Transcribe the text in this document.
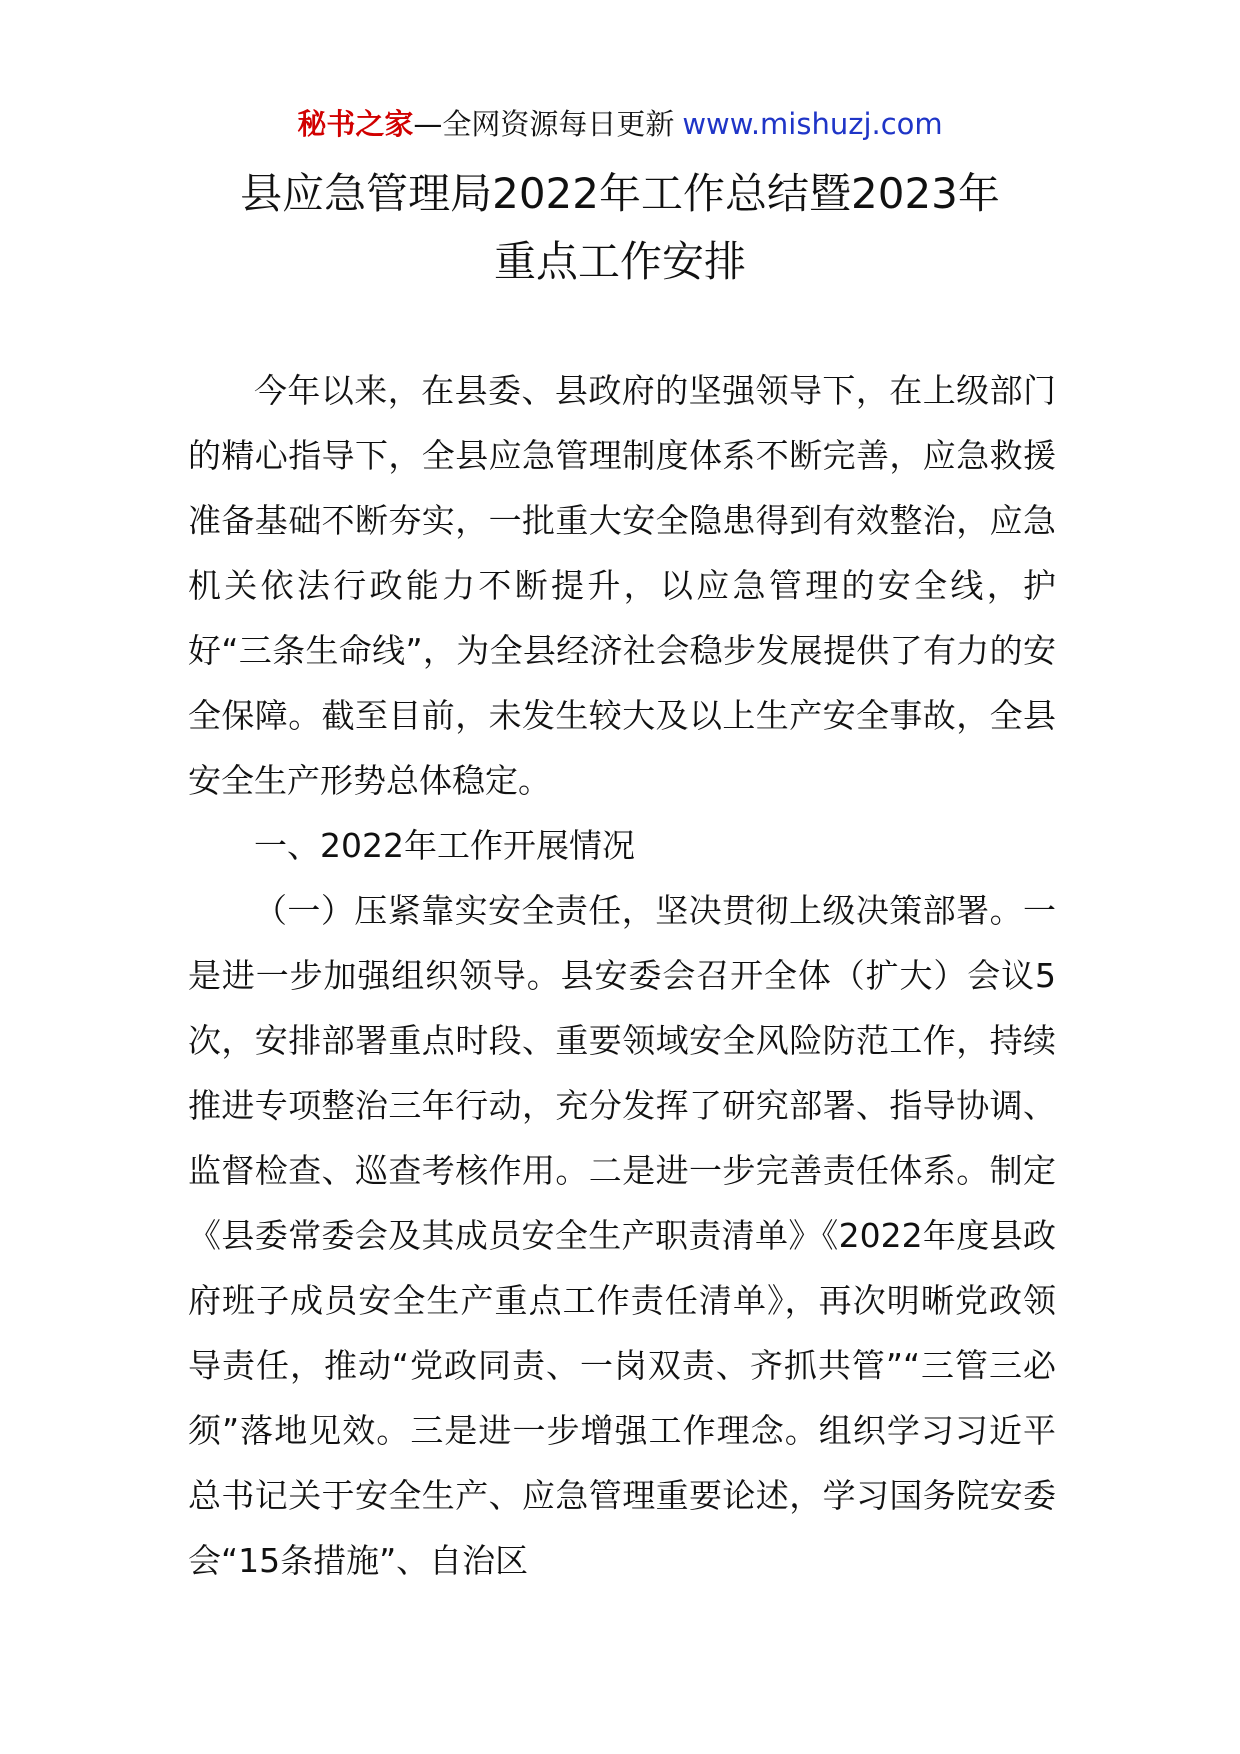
秘书之家—全网资源每日更新 www.mishuzj.com
县应急管理局2022年工作总结暨2023年
重点工作安排

今年以来，在县委、县政府的坚强领导下，在上级部门的精心指导下，全县应急管理制度体系不断完善，应急救援准备基础不断夯实，一批重大安全隐患得到有效整治，应急机关依法行政能力不断提升，以应急管理的安全线，护好“三条生命线”，为全县经济社会稳步发展提供了有力的安全保障。截至目前，未发生较大及以上生产安全事故，全县安全生产形势总体稳定。

一、2022年工作开展情况

（一）压紧靠实安全责任，坚决贯彻上级决策部署。一是进一步加强组织领导。县安委会召开全体（扩大）会议5次，安排部署重点时段、重要领域安全风险防范工作，持续推进专项整治三年行动，充分发挥了研究部署、指导协调、监督检查、巡查考核作用。二是进一步完善责任体系。制定《县委常委会及其成员安全生产职责清单》《2022年度县政府班子成员安全生产重点工作责任清单》，再次明晰党政领导责任，推动“党政同责、一岗双责、齐抓共管”“三管三必须”落地见效。三是进一步增强工作理念。组织学习习近平总书记关于安全生产、应急管理重要论述，学习国务院安委会“15条措施”、自治区
